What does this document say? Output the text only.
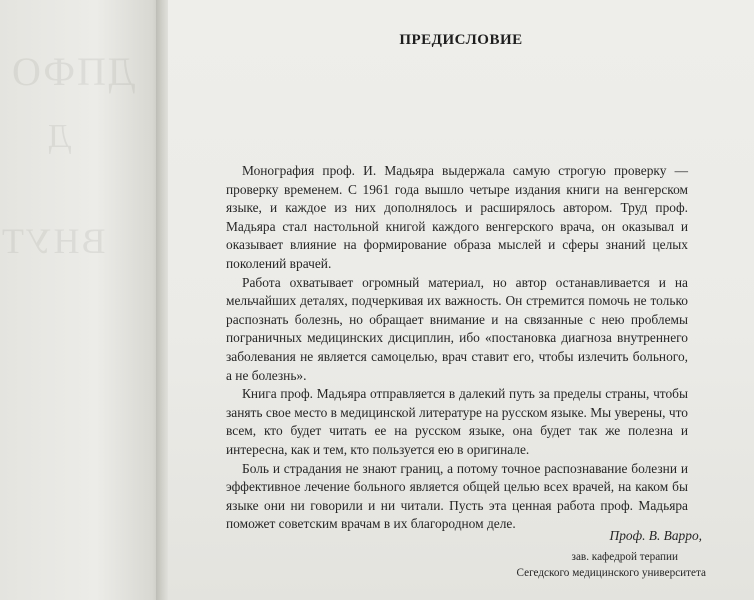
ДПФО
Д
ВНУТ
ПРЕДИСЛОВИЕ

Монография проф. И. Мадьяра выдержала самую строгую проверку — проверку временем. С 1961 года вышло четыре издания книги на венгерском языке, и каждое из них дополнялось и расширялось автором. Труд проф. Мадьяра стал настольной книгой каждого венгерского врача, он оказывал и оказывает влияние на формирование образа мыслей и сферы знаний целых поколений врачей.

Работа охватывает огромный материал, но автор останавливается и на мельчайших деталях, подчеркивая их важность. Он стремится помочь не только распознать болезнь, но обращает внимание и на связанные с нею проблемы пограничных медицинских дисциплин, ибо «постановка диагноза внутреннего заболевания не является самоцелью, врач ставит его, чтобы излечить больного, а не болезнь».

Книга проф. Мадьяра отправляется в далекий путь за пределы страны, чтобы занять свое место в медицинской литературе на русском языке. Мы уверены, что всем, кто будет читать ее на русском языке, она будет так же полезна и интересна, как и тем, кто пользуется ею в оригинале.

Боль и страдания не знают границ, а потому точное распознавание болезни и эффективное лечение больного является общей целью всех врачей, на каком бы языке они ни говорили и ни читали. Пусть эта ценная работа проф. Мадьяра поможет советским врачам в их благородном деле.

Проф. В. Варро,
зав. кафедрой терапии
Сегедского медицинского университета
